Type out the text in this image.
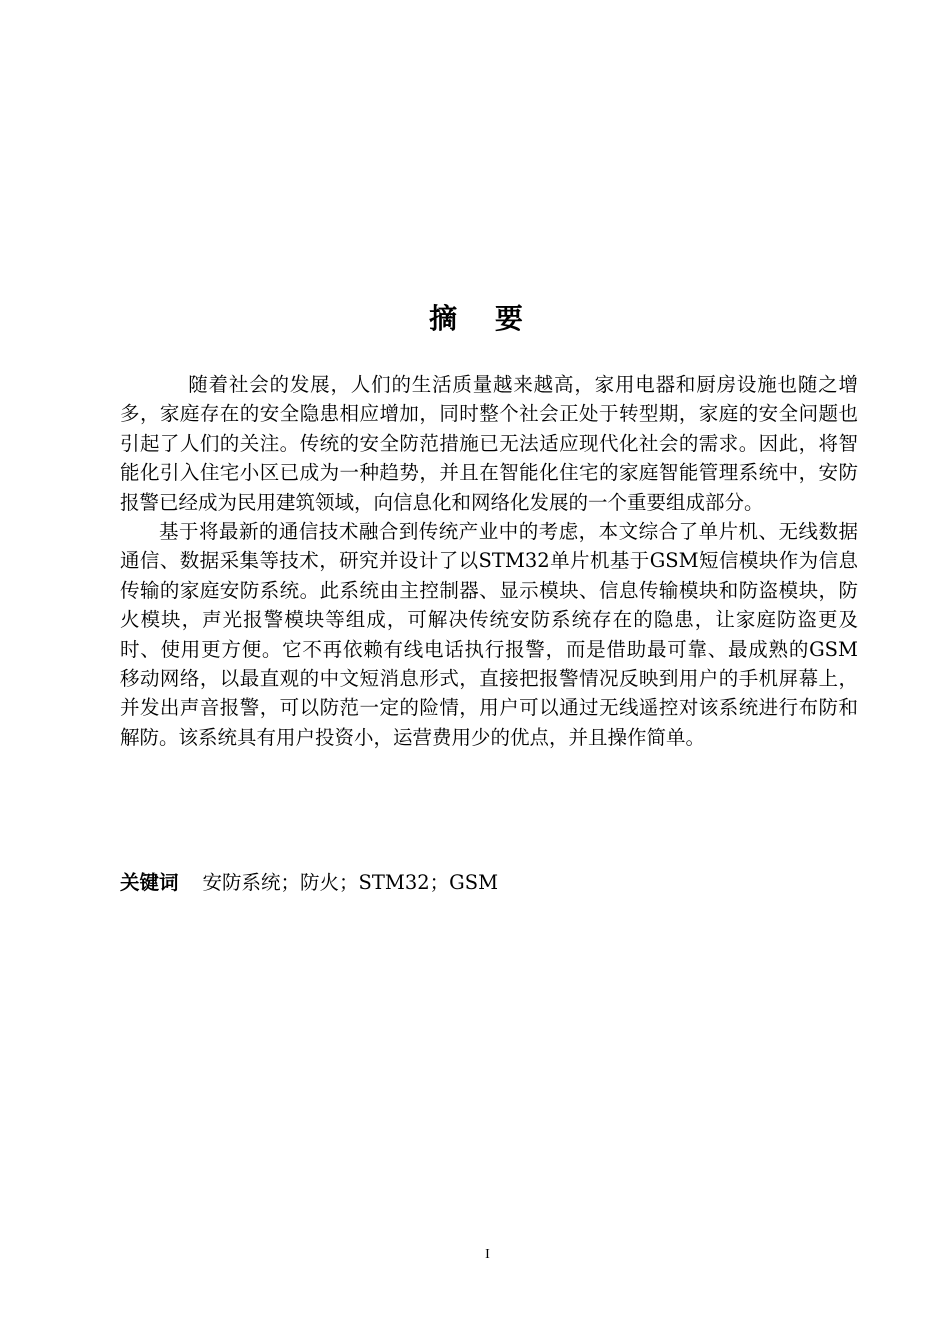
摘 要

随着社会的发展，人们的生活质量越来越高，家用电器和厨房设施也随之增多，家庭存在的安全隐患相应增加，同时整个社会正处于转型期，家庭的安全问题也引起了人们的关注。传统的安全防范措施已无法适应现代化社会的需求。因此，将智能化引入住宅小区已成为一种趋势，并且在智能化住宅的家庭智能管理系统中，安防报警已经成为民用建筑领域，向信息化和网络化发展的一个重要组成部分。

基于将最新的通信技术融合到传统产业中的考虑，本文综合了单片机、无线数据通信、数据采集等技术，研究并设计了以STM32单片机基于GSM短信模块作为信息传输的家庭安防系统。此系统由主控制器、显示模块、信息传输模块和防盗模块，防火模块，声光报警模块等组成，可解决传统安防系统存在的隐患，让家庭防盗更及时、使用更方便。它不再依赖有线电话执行报警，而是借助最可靠、最成熟的GSM　移动网络，以最直观的中文短消息形式，直接把报警情况反映到用户的手机屏幕上，并发出声音报警，可以防范一定的险情，用户可以通过无线遥控对该系统进行布防和解防。该系统具有用户投资小，运营费用少的优点，并且操作简单。

关键词 安防系统；防火；STM32；GSM
I
